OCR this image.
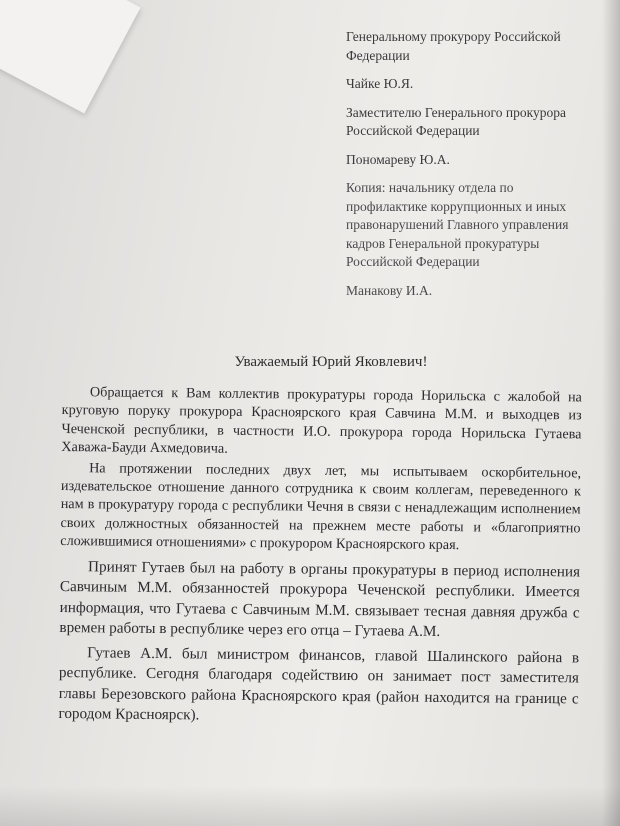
Генеральному прокурору Российской Федерации

Чайке Ю.Я.

Заместителю Генерального прокурора Российской Федерации

Пономареву Ю.А.

Копия: начальнику отдела по профилактике коррупционных и иных правонарушений Главного управления кадров Генеральной прокуратуры Российской Федерации

Манакову И.А.

Уважаемый Юрий Яковлевич!

Обращается к Вам коллектив прокуратуры города Норильска с жалобой на круговую поруку прокурора Красноярского края Савчина М.М. и выходцев из Чеченской республики, в частности И.О. прокурора города Норильска Гутаева Хаважа-Бауди Ахмедовича.

На протяжении последних двух лет, мы испытываем оскорбительное, издевательское отношение данного сотрудника к своим коллегам, переведенного к нам в прокуратуру города с республики Чечня в связи с ненадлежащим исполнением своих должностных обязанностей на прежнем месте работы и «благоприятно сложившимися отношениями» с прокурором Красноярского края.

Принят Гутаев был на работу в органы прокуратуры в период исполнения Савчиным М.М. обязанностей прокурора Чеченской республики. Имеется информация, что Гутаева с Савчиным М.М. связывает тесная давняя дружба с времен работы в республике через его отца – Гутаева А.М.

Гутаев А.М. был министром финансов, главой Шалинского района в республике. Сегодня благодаря содействию он занимает пост заместителя главы Березовского района Красноярского края (район находится на границе с городом Красноярск).
